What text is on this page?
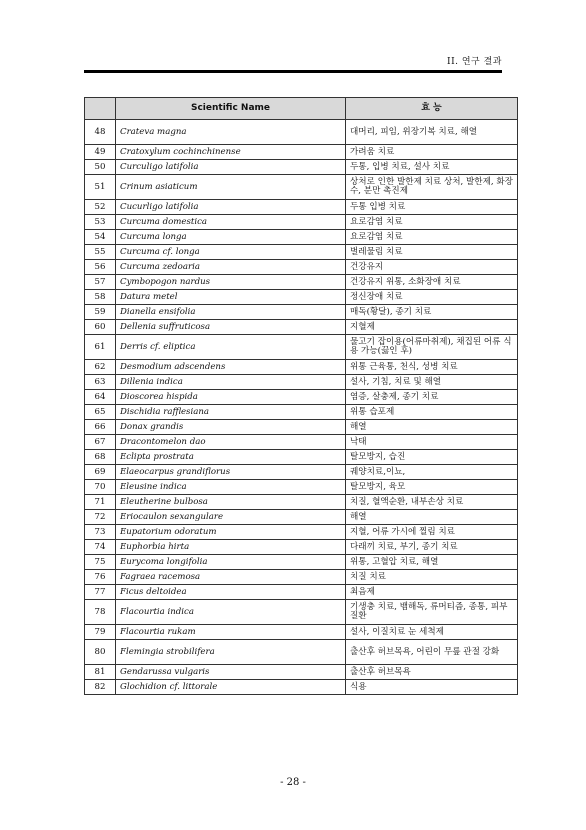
II. 연구 결과
	Scientific Name	효 능
48	Crateva magna	대머리, 피임, 위장기복 치료, 해열
49	Cratoxylum cochinchinense	가려움 치료
50	Curculigo latifolia	두통, 입병 치료, 설사 치료
51	Crinum asiaticum	상처로 인한 발한제 치료 상처, 발한제, 화장수, 분만 촉진제
52	Cucurligo latifolia	두통 입병 치료
53	Curcuma domestica	요로감염 치료
54	Curcuma longa	요로감염 치료
55	Curcuma cf. longa	벌레물림 치료
56	Curcuma zedoaria	건강유지
57	Cymbopogon nardus	건강유지 위통, 소화장애 치료
58	Datura metel	정신장애 치료
59	Dianella ensifolia	매독(황달), 종기 치료
60	Dellenia suffruticosa	지혈제
61	Derris cf. eliptica	물고기 잡이용(어류마취제), 채집된 어류 식용 가능(끓인 후)
62	Desmodium adscendens	위통 근육통, 천식, 성병 치료
63	Dillenia indica	설사, 기침, 치료 및 해열
64	Dioscorea hispida	염증, 살충제, 종기 치료
65	Dischidia rafflesiana	위통 습포제
66	Donax grandis	해열
67	Dracontomelon dao	낙태
68	Eclipta prostrata	탈모방지, 습진
69	Elaeocarpus grandiflorus	궤양치료,이뇨,
70	Eleusine indica	탈모방지, 육모
71	Eleutherine bulbosa	치질, 혈액순환, 내부손상 치료
72	Eriocaulon sexangulare	해열
73	Eupatorium odoratum	지혈, 어류 가시에 찔림 치료
74	Euphorbia hirta	다래끼 치료, 부기, 종기 치료
75	Eurycoma longifolia	위통, 고혈압 치료, 해열
76	Fagraea racemosa	치질 치료
77	Ficus deltoidea	최음제
78	Flacourtia indica	기생충 치료, 뱀해독, 류머티즘, 종통, 피부 질환
79	Flacourtia rukam	설사, 이질치료 눈 세척제
80	Flemingia strobilifera	출산후 허브목욕, 어린이 무릎 관절 강화
81	Gendarussa vulgaris	출산후 허브목욕
82	Glochidion cf. littorale	식용
- 28 -
